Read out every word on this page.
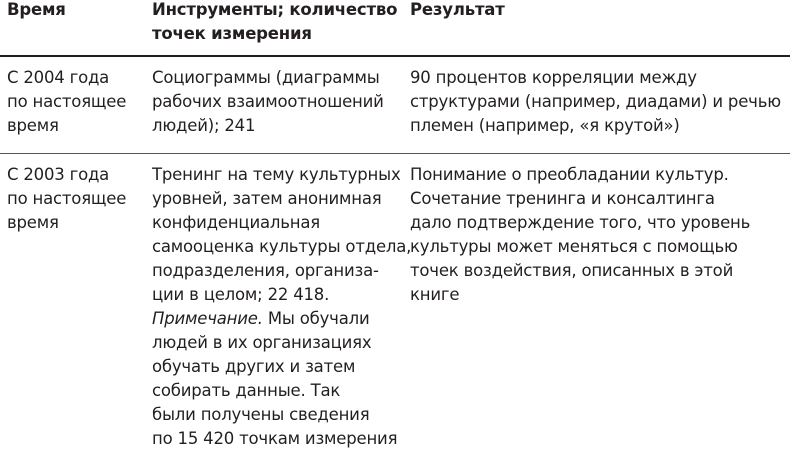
Время	Инструменты; количество
точек измерения
Результат
С 2004 года
по настоящее
время
Социограммы (диаграммы
рабочих взаимоотношений
людей); 241
90 процентов корреляции между
структурами (например, диадами) и речью
племен (например, «я крутой»)
С 2003 года
по настоящее
время
Тренинг на тему культурных
уровней, затем анонимная
конфиденциальная
самооценка культуры отдела,
подразделения, организа-
ции в целом; 22 418.
Примечание. Мы обучали
людей в их организациях
обучать других и затем
собирать данные. Так
были получены сведения
по 15 420 точкам измерения
Понимание о преобладании культур.
Сочетание тренинга и консалтинга
дало подтверждение того, что уровень
культуры может меняться с помощью
точек воздействия, описанных в этой
книге
